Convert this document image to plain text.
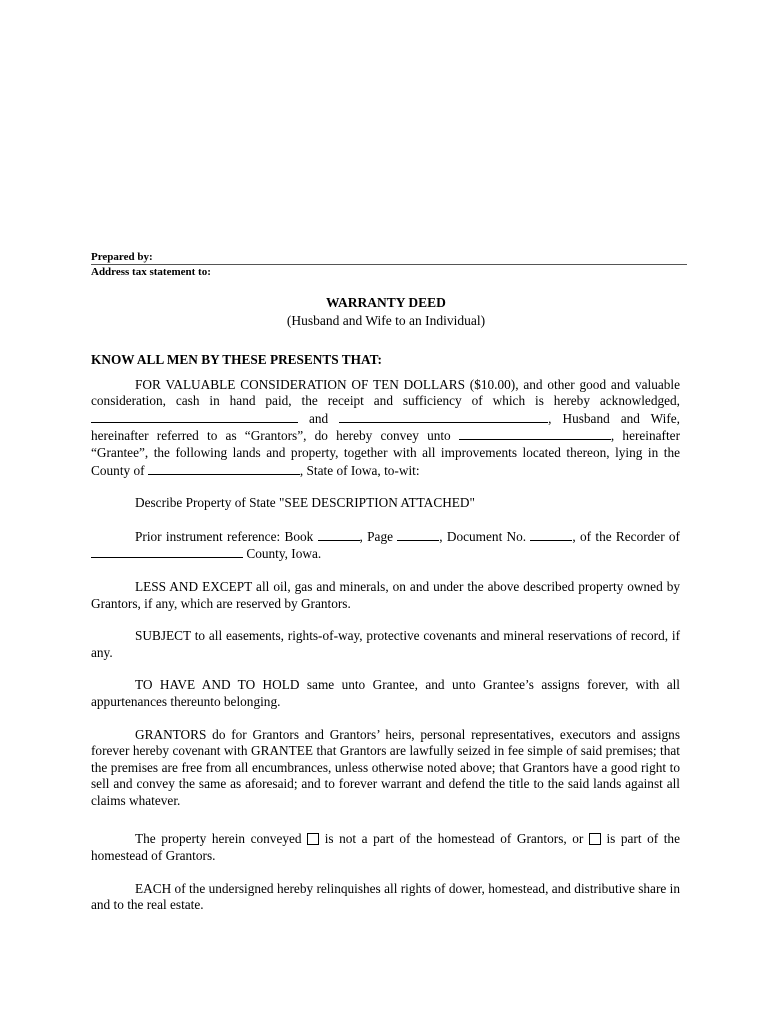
Prepared by:
Address tax statement to:
WARRANTY DEED
(Husband and Wife to an Individual)
KNOW ALL MEN BY THESE PRESENTS THAT:

FOR VALUABLE CONSIDERATION OF TEN DOLLARS ($10.00), and other good and valuable consideration, cash in hand paid, the receipt and sufficiency of which is hereby acknowledged,  and	, Husband and Wife, hereinafter referred to as “Grantors”, do hereby convey unto	, hereinafter “Grantee”, the following lands and property, together with all improvements located thereon, lying in the County of	, State of Iowa, to-wit:

Describe Property of State "SEE DESCRIPTION ATTACHED"

Prior instrument reference: Book	, Page	, Document No.	, of the Recorder of  County, Iowa.

LESS AND EXCEPT all oil, gas and minerals, on and under the above described property owned by Grantors, if any, which are reserved by Grantors.

SUBJECT to all easements, rights-of-way, protective covenants and mineral reservations of record, if any.

TO HAVE AND TO HOLD same unto Grantee, and unto Grantee’s assigns forever, with all appurtenances thereunto belonging.

GRANTORS do for Grantors and Grantors’ heirs, personal representatives, executors and assigns forever hereby covenant with GRANTEE that Grantors are lawfully seized in fee simple of said premises; that the premises are free from all encumbrances, unless otherwise noted above; that Grantors have a good right to sell and convey the same as aforesaid; and to forever warrant and defend the title to the said lands against all claims whatever.

The property herein conveyed is not a part of the homestead of Grantors, or is part of the homestead of Grantors.

EACH of the undersigned hereby relinquishes all rights of dower, homestead, and distributive share in and to the real estate.
